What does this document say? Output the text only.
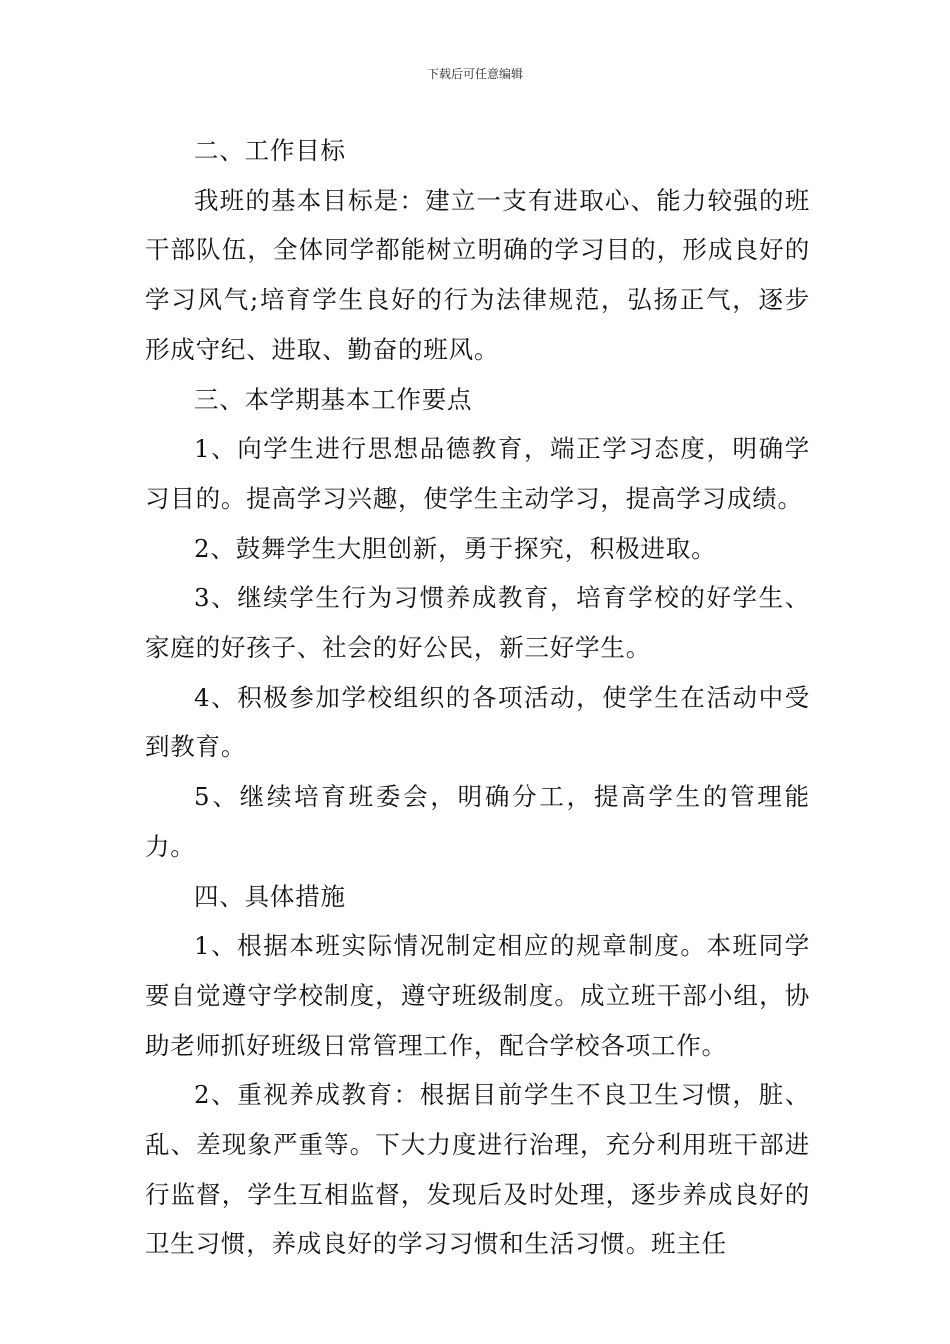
下载后可任意编辑

二、工作目标

我班的基本目标是：建立一支有进取心、能力较强的班干部队伍，全体同学都能树立明确的学习目的，形成良好的学习风气;培育学生良好的行为法律规范，弘扬正气，逐步形成守纪、进取、勤奋的班风。

三、本学期基本工作要点

1、向学生进行思想品德教育，端正学习态度，明确学习目的。提高学习兴趣，使学生主动学习，提高学习成绩。

2、鼓舞学生大胆创新，勇于探究，积极进取。

3、继续学生行为习惯养成教育，培育学校的好学生、家庭的好孩子、社会的好公民，新三好学生。

4、积极参加学校组织的各项活动，使学生在活动中受到教育。

5、继续培育班委会，明确分工，提高学生的管理能力。

四、具体措施

1、根据本班实际情况制定相应的规章制度。本班同学要自觉遵守学校制度，遵守班级制度。成立班干部小组，协助老师抓好班级日常管理工作，配合学校各项工作。

2、重视养成教育：根据目前学生不良卫生习惯，脏、乱、差现象严重等。下大力度进行治理，充分利用班干部进行监督，学生互相监督，发现后及时处理，逐步养成良好的卫生习惯，养成良好的学习习惯和生活习惯。班主任
